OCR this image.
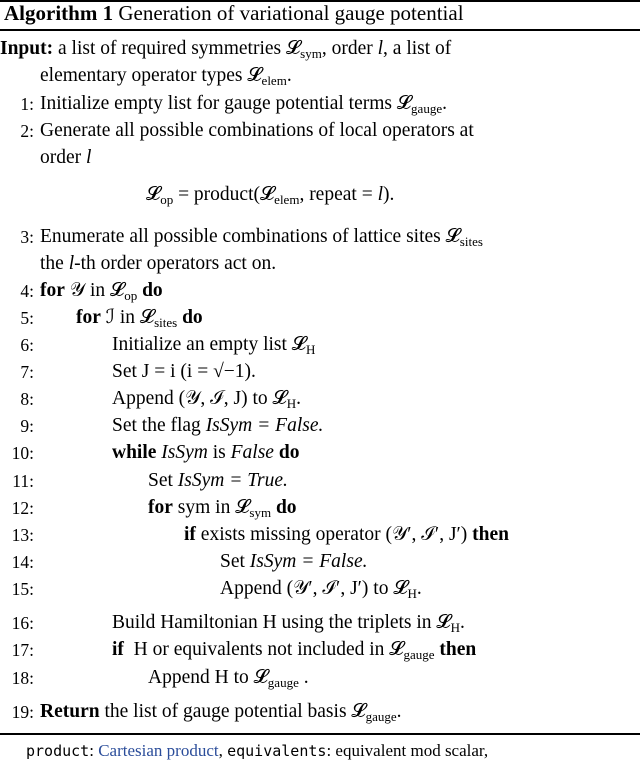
Algorithm 1 Generation of variational gauge potential
Input: a list of required symmetries 𝓛$_{sym}$, order l, a list of
elementary operator types 𝓛$_{elem}$.
1: Initialize empty list for gauge potential terms 𝓛$_{gauge}$.
2: Generate all possible combinations of local operators at
order l
𝓛$_{op}$ = product(𝓛$_{elem}$, repeat = l).
3: Enumerate all possible combinations of lattice sites 𝓛$_{sites}$
the l-th order operators act on.
4: for 𝒴 in 𝓛$_{op}$ do
5: for ℐ in 𝓛$_{sites}$ do
6:	Initialize an empty list 𝓛$_H$
7:	Set J = i (i = √−1).
8:	Append (𝒴, ℐ, J) to 𝓛$_H$.
9:	Set the flag IsSym = False.
10:	while IsSym is False do
11:	Set IsSym = True.
12:	for sym in 𝓛$_{sym}$ do
13:	if exists missing operator (𝒴′, ℐ′, J′) then
14:	Set IsSym = False.
15:	Append (𝒴′, ℐ′, J′) to 𝓛$_H$.
16:	Build Hamiltonian H using the triplets in 𝓛$_H$.
17:	if H or equivalents not included in 𝓛$_{gauge}$ then
18:	Append H to 𝓛$_{gauge}$ .
19: Return the list of gauge potential basis 𝓛$_{gauge}$.
product: Cartesian product, equivalents: equivalent mod scalar,
